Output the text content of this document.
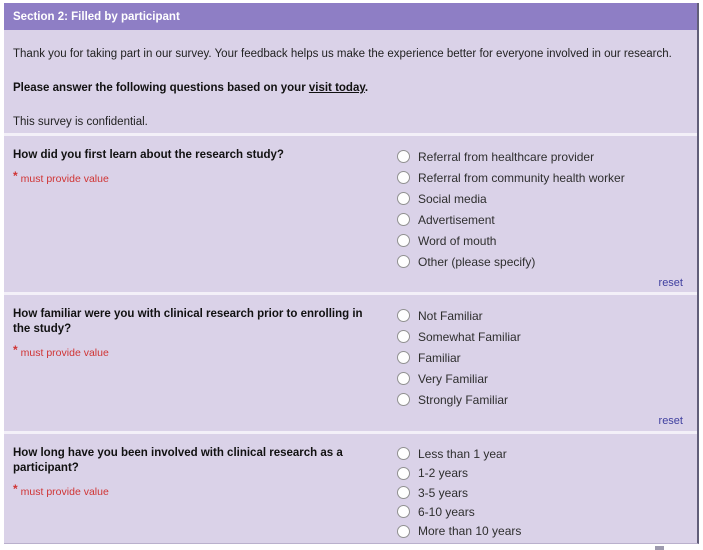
Section 2: Filled by participant

Thank you for taking part in our survey. Your feedback helps us make the experience better for everyone involved in our research.

Please answer the following questions based on your visit today.

This survey is confidential.

How did you first learn about the research study?
* must provide value
Referral from healthcare provider
Referral from community health worker
Social media
Advertisement
Word of mouth
Other (please specify)
reset
How familiar were you with clinical research prior to enrolling in the study?
* must provide value
Not Familiar
Somewhat Familiar
Familiar
Very Familiar
Strongly Familiar
reset
How long have you been involved with clinical research as a participant?
* must provide value
Less than 1 year
1-2 years
3-5 years
6-10 years
More than 10 years
